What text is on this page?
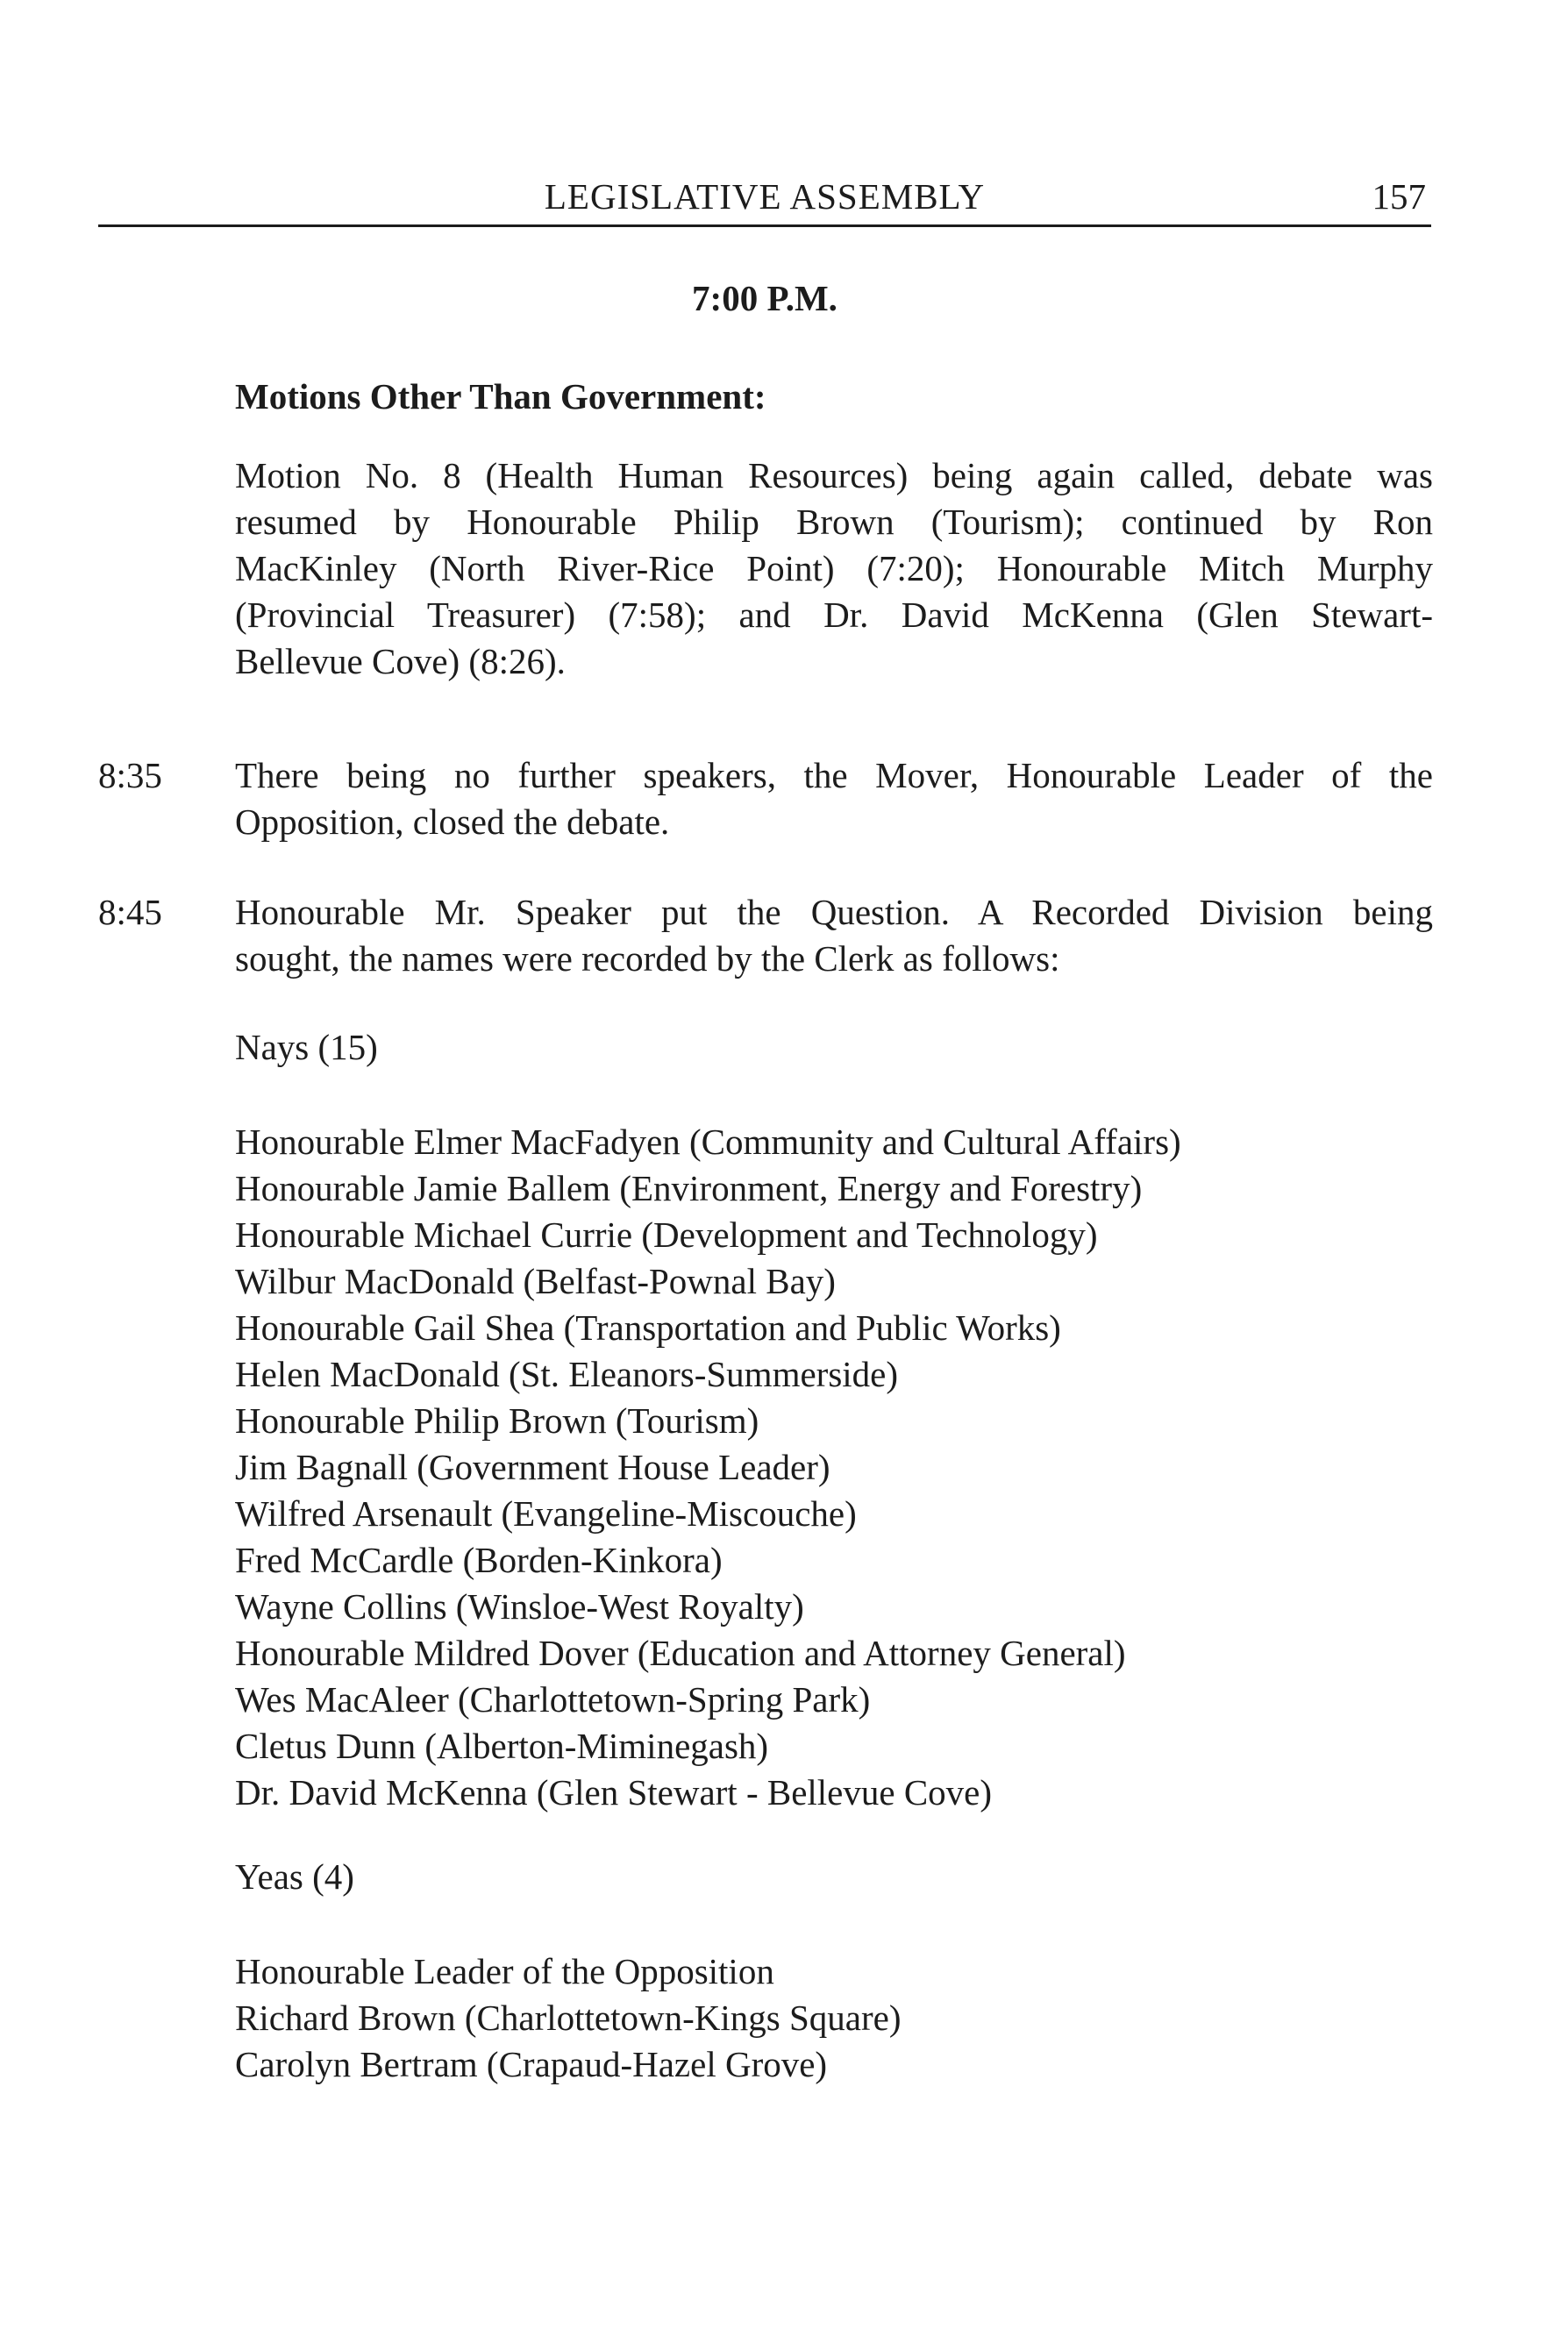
LEGISLATIVE ASSEMBLY	157
7:00 P.M.
Motions Other Than Government:
Motion No. 8 (Health Human Resources) being again called, debate was
resumed by Honourable Philip Brown (Tourism); continued by Ron
MacKinley (North River-Rice Point) (7:20); Honourable Mitch Murphy
(Provincial Treasurer) (7:58); and Dr. David McKenna (Glen Stewart-
Bellevue Cove) (8:26).
8:35 There being no further speakers, the Mover, Honourable Leader of the
Opposition, closed the debate.
8:45 Honourable Mr. Speaker put the Question. A Recorded Division being
sought, the names were recorded by the Clerk as follows:
Nays (15)
Honourable Elmer MacFadyen (Community and Cultural Affairs)
Honourable Jamie Ballem (Environment, Energy and Forestry)
Honourable Michael Currie (Development and Technology)
Wilbur MacDonald (Belfast-Pownal Bay)
Honourable Gail Shea (Transportation and Public Works)
Helen MacDonald (St. Eleanors-Summerside)
Honourable Philip Brown (Tourism)
Jim Bagnall (Government House Leader)
Wilfred Arsenault (Evangeline-Miscouche)
Fred McCardle (Borden-Kinkora)
Wayne Collins (Winsloe-West Royalty)
Honourable Mildred Dover (Education and Attorney General)
Wes MacAleer (Charlottetown-Spring Park)
Cletus Dunn (Alberton-Miminegash)
Dr. David McKenna (Glen Stewart - Bellevue Cove)
Yeas (4)
Honourable Leader of the Opposition
Richard Brown (Charlottetown-Kings Square)
Carolyn Bertram (Crapaud-Hazel Grove)
